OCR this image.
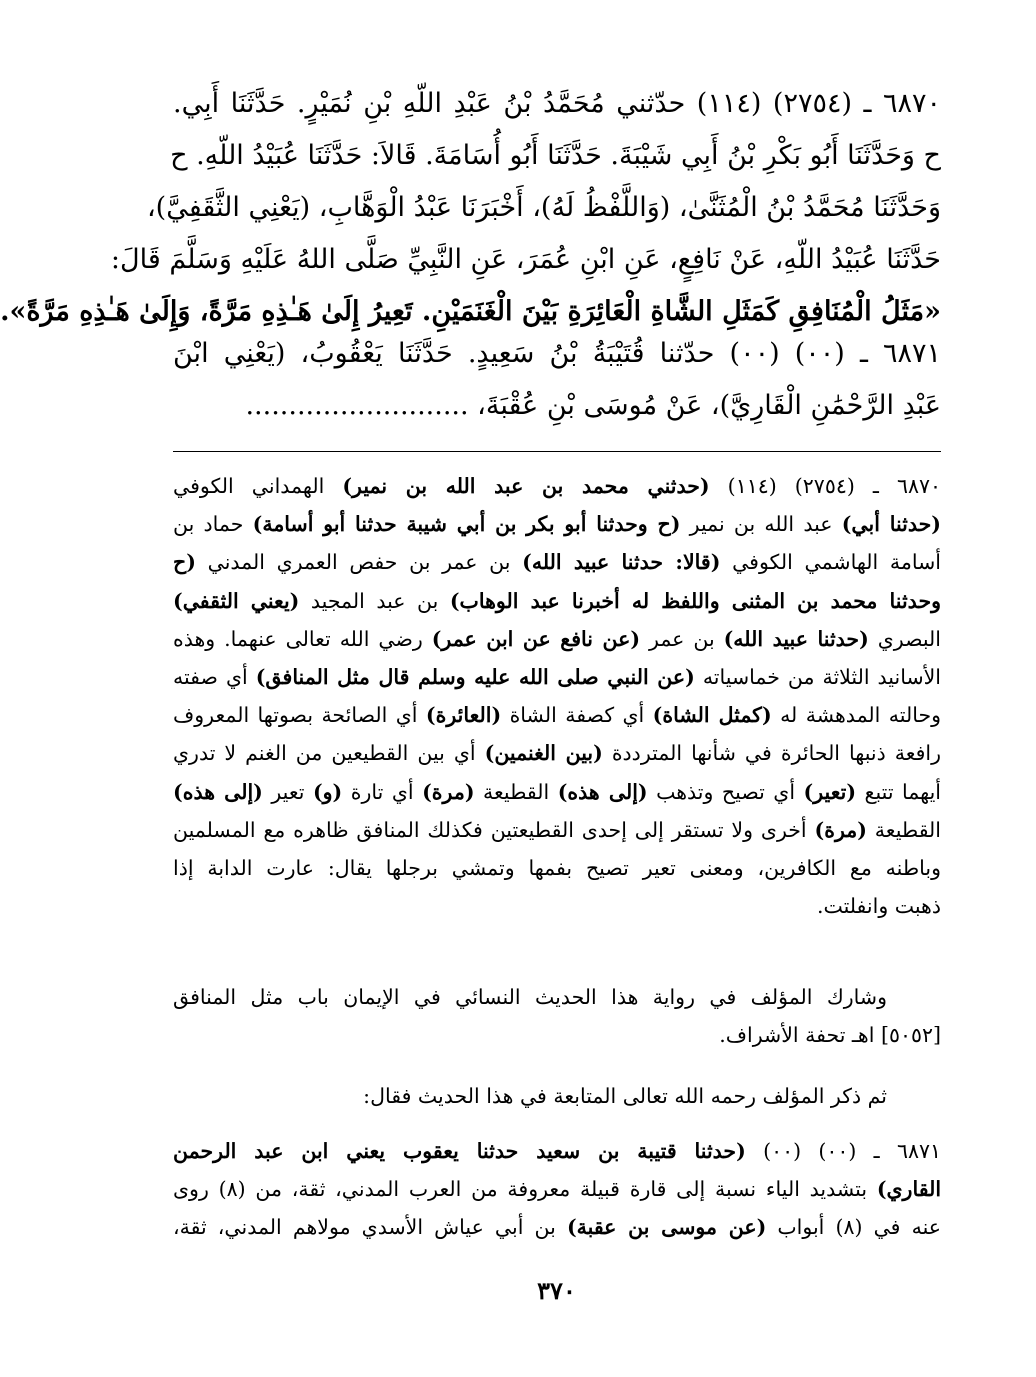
٦٨٧٠ ـ (٢٧٥٤) (١١٤) حدّثني مُحَمَّدُ بْنُ عَبْدِ اللّهِ بْنِ نُمَيْرٍ. حَدَّثَنَا أَبِي.
ح وَحَدَّثَنَا أَبُو بَكْرِ بْنُ أَبِي شَيْبَةَ. حَدَّثَنَا أَبُو أُسَامَةَ. قَالاَ: حَدَّثَنَا عُبَيْدُ اللّهِ. ح
وَحَدَّثَنَا مُحَمَّدُ بْنُ الْمُثَنَّىٰ، (وَاللَّفْظُ لَهُ)، أَخْبَرَنَا عَبْدُ الْوَهَّابِ، (يَعْنِي الثَّقَفِيَّ)،
حَدَّثَنَا عُبَيْدُ اللّهِ، عَنْ نَافِعٍ، عَنِ ابْنِ عُمَرَ، عَنِ النَّبِيِّ صَلَّى اللهُ عَلَيْهِ وَسَلَّمَ قَالَ:
«مَثَلُ الْمُنَافِقِ كَمَثَلِ الشَّاةِ الْعَائِرَةِ بَيْنَ الْغَنَمَيْنِ. تَعِيرُ إِلَىٰ هَـٰذِهِ مَرَّةً، وَإِلَىٰ هَـٰذِهِ مَرَّةً».
٦٨٧١ ـ (٠٠) (٠٠) حدّثنا قُتَيْبَةُ بْنُ سَعِيدٍ. حَدَّثَنَا يَعْقُوبُ، (يَعْنِي ابْنَ
عَبْدِ الرَّحْمَٰنِ الْقَارِيَّ)، عَنْ مُوسَى بْنِ عُقْبَةَ، ..........................
٦٨٧٠ ـ (٢٧٥٤) (١١٤) (حدثني محمد بن عبد الله بن نمير) الهمداني الكوفي
(حدثنا أبي) عبد الله بن نمير (ح وحدثنا أبو بكر بن أبي شيبة حدثنا أبو أسامة) حماد بن
أسامة الهاشمي الكوفي (قالا: حدثنا عبيد الله) بن عمر بن حفص العمري المدني (ح
وحدثنا محمد بن المثنى واللفظ له أخبرنا عبد الوهاب) بن عبد المجيد (يعني الثقفي)
البصري (حدثنا عبيد الله) بن عمر (عن نافع عن ابن عمر) رضي الله تعالى عنهما. وهذه
الأسانيد الثلاثة من خماسياته (عن النبي صلى الله عليه وسلم قال مثل المنافق) أي صفته
وحالته المدهشة له (كمثل الشاة) أي كصفة الشاة (العائرة) أي الصائحة بصوتها المعروف
رافعة ذنبها الحائرة في شأنها المترددة (بين الغنمين) أي بين القطيعين من الغنم لا تدري
أيهما تتبع (تعير) أي تصيح وتذهب (إلى هذه) القطيعة (مرة) أي تارة (و) تعير (إلى هذه)
القطيعة (مرة) أخرى ولا تستقر إلى إحدى القطيعتين فكذلك المنافق ظاهره مع المسلمين
وباطنه مع الكافرين، ومعنى تعير تصيح بفمها وتمشي برجلها يقال: عارت الدابة إذا
ذهبت وانفلتت.
وشارك المؤلف في رواية هذا الحديث النسائي في الإيمان باب مثل المنافق
[٥٠٥٢] اهـ تحفة الأشراف.
ثم ذكر المؤلف رحمه الله تعالى المتابعة في هذا الحديث فقال:
٦٨٧١ ـ (٠٠) (٠٠) (حدثنا قتيبة بن سعيد حدثنا يعقوب يعني ابن عبد الرحمن
القاري) بتشديد الياء نسبة إلى قارة قبيلة معروفة من العرب المدني، ثقة، من (٨) روى
عنه في (٨) أبواب (عن موسى بن عقبة) بن أبي عياش الأسدي مولاهم المدني، ثقة،
٣٧٠
